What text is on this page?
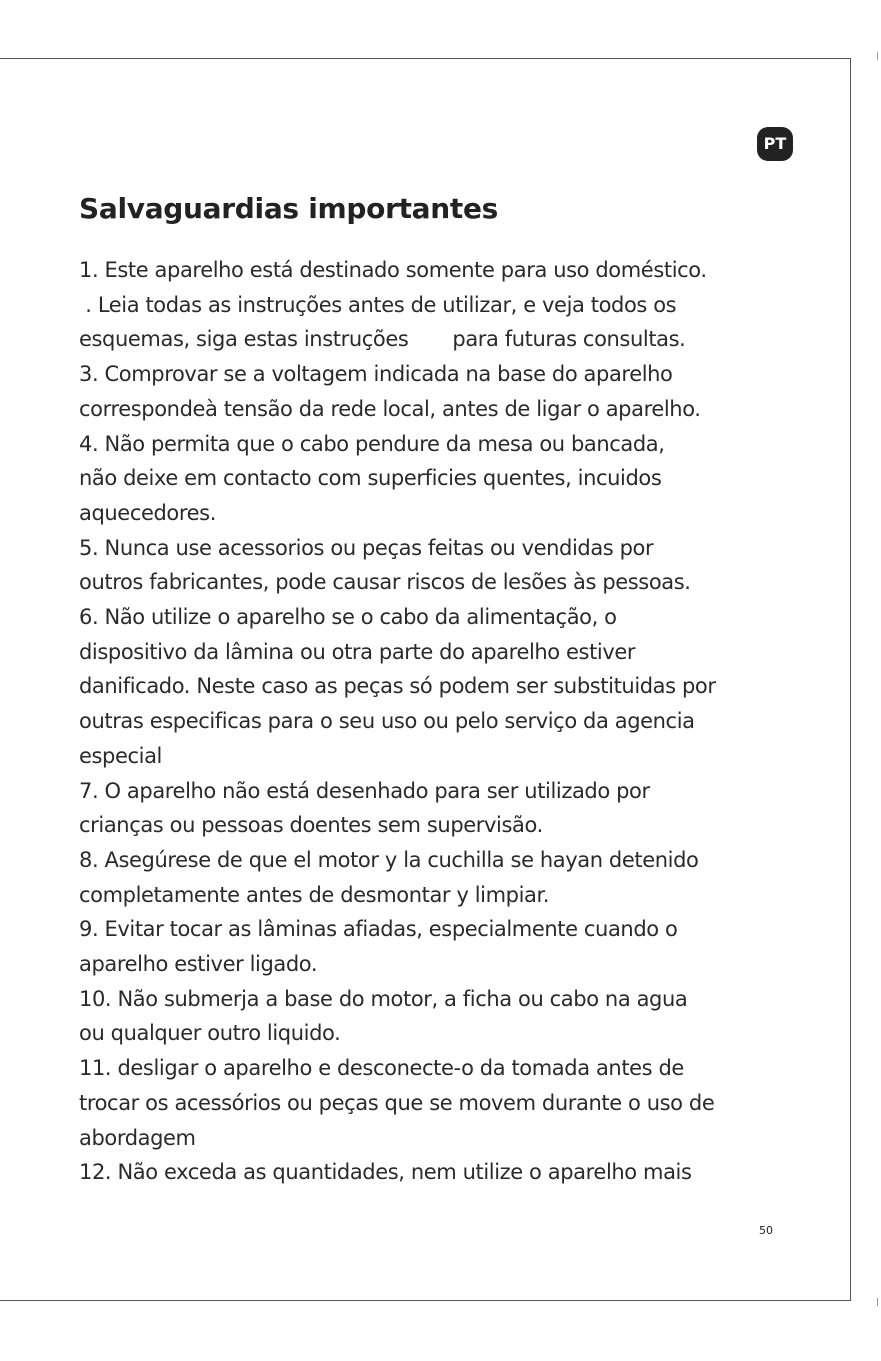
PT
Salvaguardias importantes
1. Este aparelho está destinado somente para uso doméstico.
. Leia todas as instruções antes de utilizar, e veja todos os
esquemas, siga estas instruções para futuras consultas.
3. Comprovar se a voltagem indicada na base do aparelho
correspondeà tensão da rede local, antes de ligar o aparelho.
4. Não permita que o cabo pendure da mesa ou bancada,
não deixe em contacto com superficies quentes, incuidos
aquecedores.
5. Nunca use acessorios ou peças feitas ou vendidas por
outros fabricantes, pode causar riscos de lesões às pessoas.
6. Não utilize o aparelho se o cabo da alimentação, o
dispositivo da lâmina ou otra parte do aparelho estiver
danificado. Neste caso as peças só podem ser substituidas por
outras especificas para o seu uso ou pelo serviço da agencia
especial
7. O aparelho não está desenhado para ser utilizado por
crianças ou pessoas doentes sem supervisão.
8. Asegúrese de que el motor y la cuchilla se hayan detenido
completamente antes de desmontar y limpiar.
9. Evitar tocar as lâminas afiadas, especialmente cuando o
aparelho estiver ligado.
10. Não submerja a base do motor, a ficha ou cabo na agua
ou qualquer outro liquido.
11. desligar o aparelho e desconecte-o da tomada antes de
trocar os acessórios ou peças que se movem durante o uso de
abordagem
12. Não exceda as quantidades, nem utilize o aparelho mais
50
